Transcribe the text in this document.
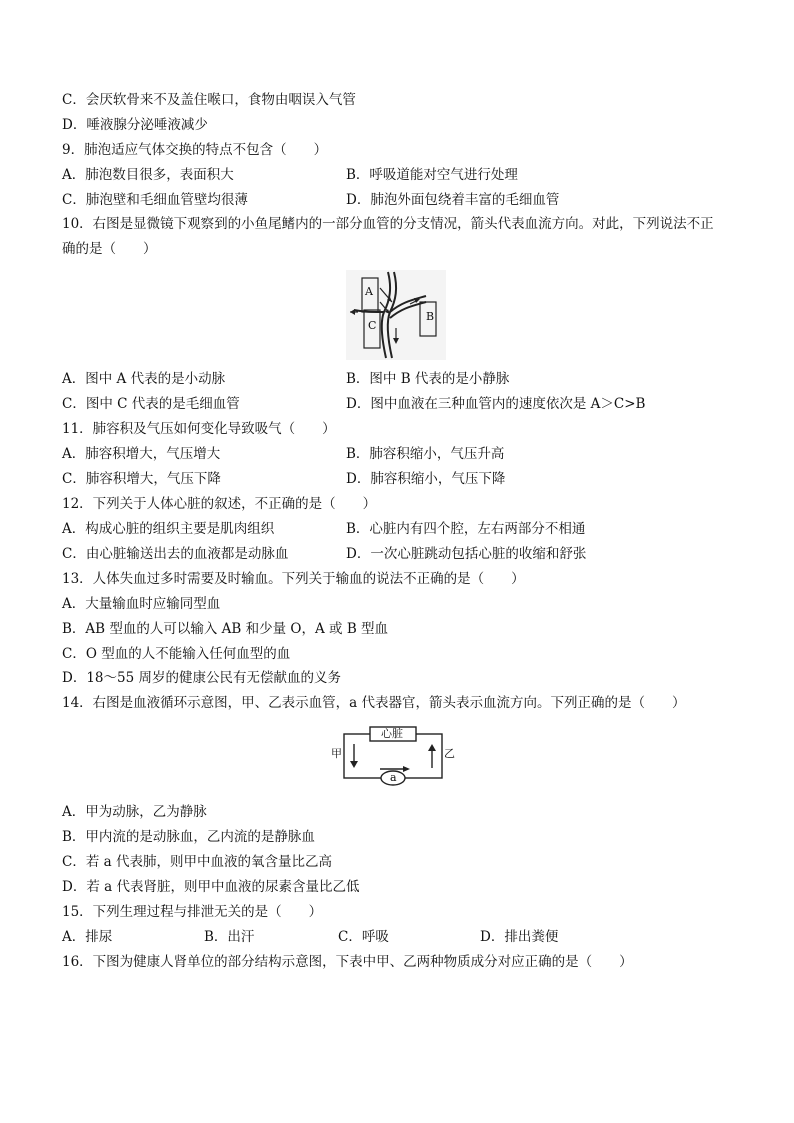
C．会厌软骨来不及盖住喉口，食物由咽误入气管
D．唾液腺分泌唾液减少
9．肺泡适应气体交换的特点不包含（　　）
A．肺泡数目很多，表面积大	B．呼吸道能对空气进行处理
C．肺泡壁和毛细血管壁均很薄	D．肺泡外面包绕着丰富的毛细血管
10．右图是显微镜下观察到的小鱼尾鳍内的一部分血管的分支情况，箭头代表血流方向。对此，下列说法不正
确的是（　　）
A
B
C
A．图中 A 代表的是小动脉	B．图中 B 代表的是小静脉
C．图中 C 代表的是毛细血管	D．图中血液在三种血管内的速度依次是 A＞C>B
11．肺容积及气压如何变化导致吸气（　　）
A．肺容积增大，气压增大	B．肺容积缩小，气压升高
C．肺容积增大，气压下降	D．肺容积缩小，气压下降
12．下列关于人体心脏的叙述，不正确的是（　　）
A．构成心脏的组织主要是肌肉组织	B．心脏内有四个腔，左右两部分不相通
C．由心脏输送出去的血液都是动脉血	D．一次心脏跳动包括心脏的收缩和舒张
13．人体失血过多时需要及时输血。下列关于输血的说法不正确的是（　　）
A．大量输血时应输同型血
B．AB 型血的人可以输入 AB 和少量 O，A 或 B 型血
C．O 型血的人不能输入任何血型的血
D．18～55 周岁的健康公民有无偿献血的义务
14．右图是血液循环示意图，甲、乙表示血管，a 代表器官，箭头表示血流方向。下列正确的是（　　）
心脏
甲	乙
a
A．甲为动脉，乙为静脉
B．甲内流的是动脉血，乙内流的是静脉血
C．若 a 代表肺，则甲中血液的氧含量比乙高
D．若 a 代表肾脏，则甲中血液的尿素含量比乙低
15．下列生理过程与排泄无关的是（　　）
A．排尿	B．出汗	C．呼吸	D．排出粪便
16．下图为健康人肾单位的部分结构示意图，下表中甲、乙两种物质成分对应正确的是（　　）
